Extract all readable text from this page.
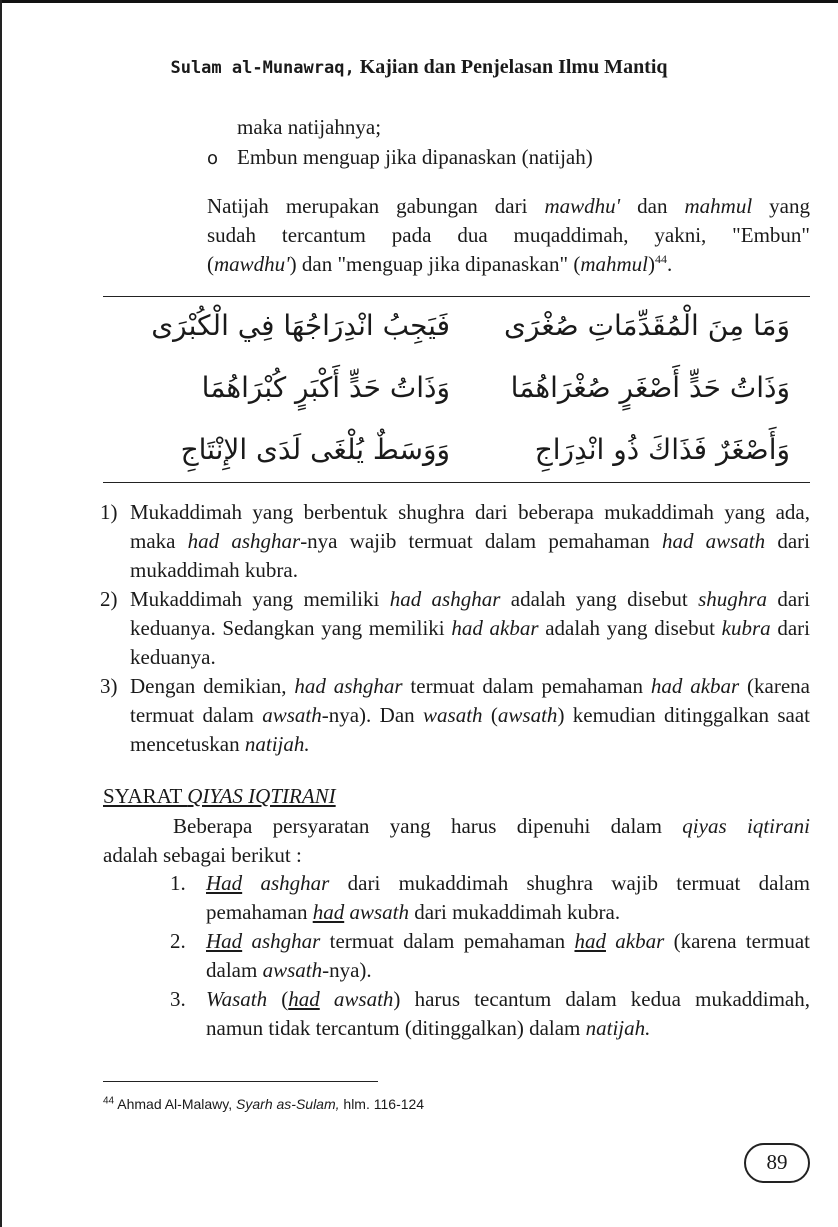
Sulam al-Munawraq, Kajian dan Penjelasan Ilmu Mantiq
maka natijahnya;
o Embun menguap jika dipanaskan (natijah)
Natijah merupakan gabungan dari mawdhu' dan mahmul yang
sudah tercantum pada dua muqaddimah, yakni, "Embun"
(mawdhu') dan "menguap jika dipanaskan" (mahmul)$^{44}$.
وَمَا مِنَ الْمُقَدِّمَاتِ صُغْرَى
فَيَجِبُ انْدِرَاجُهَا فِي الْكُبْرَى
وَذَاتُ حَدٍّ أَصْغَرٍ صُغْرَاهُمَا
وَذَاتُ حَدٍّ أَكْبَرٍ كُبْرَاهُمَا
وَأَصْغَرٌ فَذَاكَ ذُو انْدِرَاجِ
وَوَسَطٌ يُلْغَى لَدَى الإِنْتَاجِ
1) Mukaddimah yang berbentuk shughra dari beberapa mukaddimah yang ada, maka had ashghar-nya wajib termuat dalam pemahaman had awsath dari mukaddimah kubra.
2) Mukaddimah yang memiliki had ashghar adalah yang disebut shughra dari keduanya. Sedangkan yang memiliki had akbar adalah yang disebut kubra dari keduanya.
3) Dengan demikian, had ashghar termuat dalam pemahaman had akbar (karena termuat dalam awsath-nya). Dan wasath (awsath) kemudian ditinggalkan saat mencetuskan natijah.
SYARAT QIYAS IQTIRANI
Beberapa persyaratan yang harus dipenuhi dalam qiyas iqtirani
adalah sebagai berikut :
1. Had ashghar dari mukaddimah shughra wajib termuat dalam pemahaman had awsath dari mukaddimah kubra.
2. Had ashghar termuat dalam pemahaman had akbar (karena termuat dalam awsath-nya).
3. Wasath (had awsath) harus tecantum dalam kedua mukaddimah, namun tidak tercantum (ditinggalkan) dalam natijah.
$^{44}$ Ahmad Al-Malawy, Syarh as-Sulam, hlm. 116-124
89
